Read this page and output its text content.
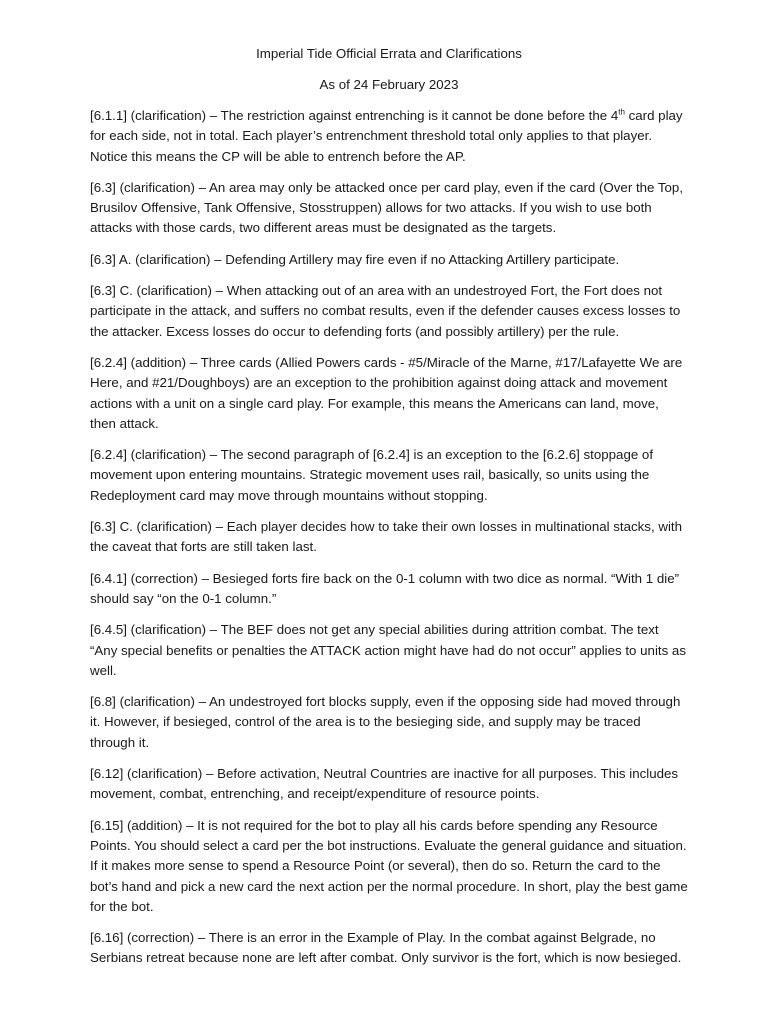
Imperial Tide Official Errata and Clarifications
As of 24 February 2023

[6.1.1] (clarification) – The restriction against entrenching is it cannot be done before the 4th card play for each side, not in total. Each player’s entrenchment threshold total only applies to that player. Notice this means the CP will be able to entrench before the AP.

[6.3] (clarification) – An area may only be attacked once per card play, even if the card (Over the Top, Brusilov Offensive, Tank Offensive, Stosstruppen) allows for two attacks. If you wish to use both attacks with those cards, two different areas must be designated as the targets.

[6.3] A. (clarification) – Defending Artillery may fire even if no Attacking Artillery participate.

[6.3] C. (clarification) – When attacking out of an area with an undestroyed Fort, the Fort does not participate in the attack, and suffers no combat results, even if the defender causes excess losses to the attacker. Excess losses do occur to defending forts (and possibly artillery) per the rule.

[6.2.4] (addition) – Three cards (Allied Powers cards - #5/Miracle of the Marne, #17/Lafayette We are Here, and #21/Doughboys) are an exception to the prohibition against doing attack and movement actions with a unit on a single card play. For example, this means the Americans can land, move, then attack.

[6.2.4] (clarification) – The second paragraph of [6.2.4] is an exception to the [6.2.6] stoppage of movement upon entering mountains. Strategic movement uses rail, basically, so units using the Redeployment card may move through mountains without stopping.

[6.3] C. (clarification) – Each player decides how to take their own losses in multinational stacks, with the caveat that forts are still taken last.

[6.4.1] (correction) – Besieged forts fire back on the 0-1 column with two dice as normal. “With 1 die” should say “on the 0-1 column.”

[6.4.5] (clarification) – The BEF does not get any special abilities during attrition combat. The text “Any special benefits or penalties the ATTACK action might have had do not occur” applies to units as well.

[6.8] (clarification) – An undestroyed fort blocks supply, even if the opposing side had moved through it. However, if besieged, control of the area is to the besieging side, and supply may be traced through it.

[6.12] (clarification) – Before activation, Neutral Countries are inactive for all purposes. This includes movement, combat, entrenching, and receipt/expenditure of resource points.

[6.15] (addition) – It is not required for the bot to play all his cards before spending any Resource Points. You should select a card per the bot instructions. Evaluate the general guidance and situation. If it makes more sense to spend a Resource Point (or several), then do so. Return the card to the bot’s hand and pick a new card the next action per the normal procedure. In short, play the best game for the bot.

[6.16] (correction) – There is an error in the Example of Play. In the combat against Belgrade, no Serbians retreat because none are left after combat. Only survivor is the fort, which is now besieged.
